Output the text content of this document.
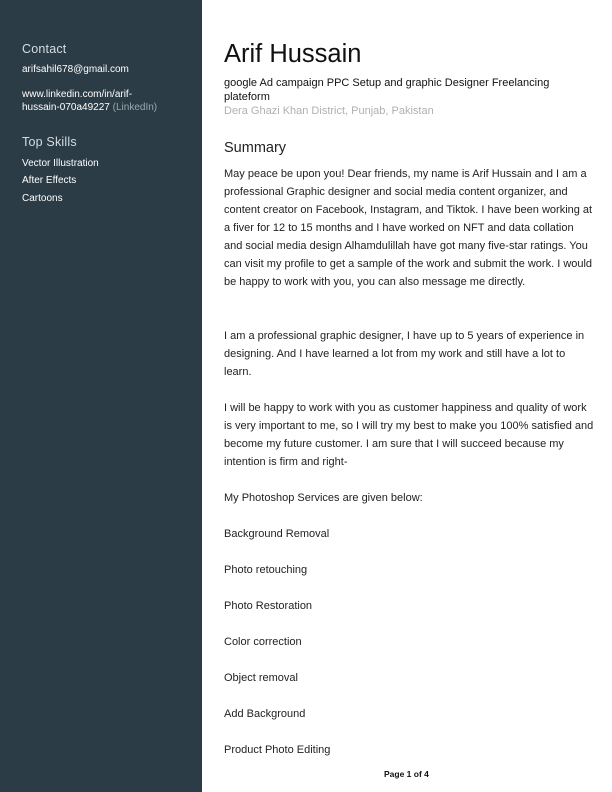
Contact

arifsahil678@gmail.com

www.linkedin.com/in/arif-

hussain-070a49227 (LinkedIn)

Top Skills

Vector Illustration

After Effects

Cartoons

Arif Hussain

google Ad campaign PPC Setup and graphic Designer Freelancing plateform

Dera Ghazi Khan District, Punjab, Pakistan

Summary

May peace be upon you! Dear friends, my name is Arif Hussain and I am a professional Graphic designer and social media content organizer, and content creator on Facebook, Instagram, and Tiktok. I have been working at a fiver for 12 to 15 months and I have worked on NFT and data collation and social media design Alhamdulillah have got many five-star ratings. You can visit my profile to get a sample of the work and submit the work. I would be happy to work with you, you can also message me directly.

I am a professional graphic designer, I have up to 5 years of experience in designing. And I have learned a lot from my work and still have a lot to learn.

I will be happy to work with you as customer happiness and quality of work is very important to me, so I will try my best to make you 100% satisfied and become my future customer. I am sure that I will succeed because my intention is firm and right-

My Photoshop Services are given below:

Background Removal

Photo retouching

Photo Restoration

Color correction

Object removal

Add Background

Product Photo Editing

Page 1 of 4
